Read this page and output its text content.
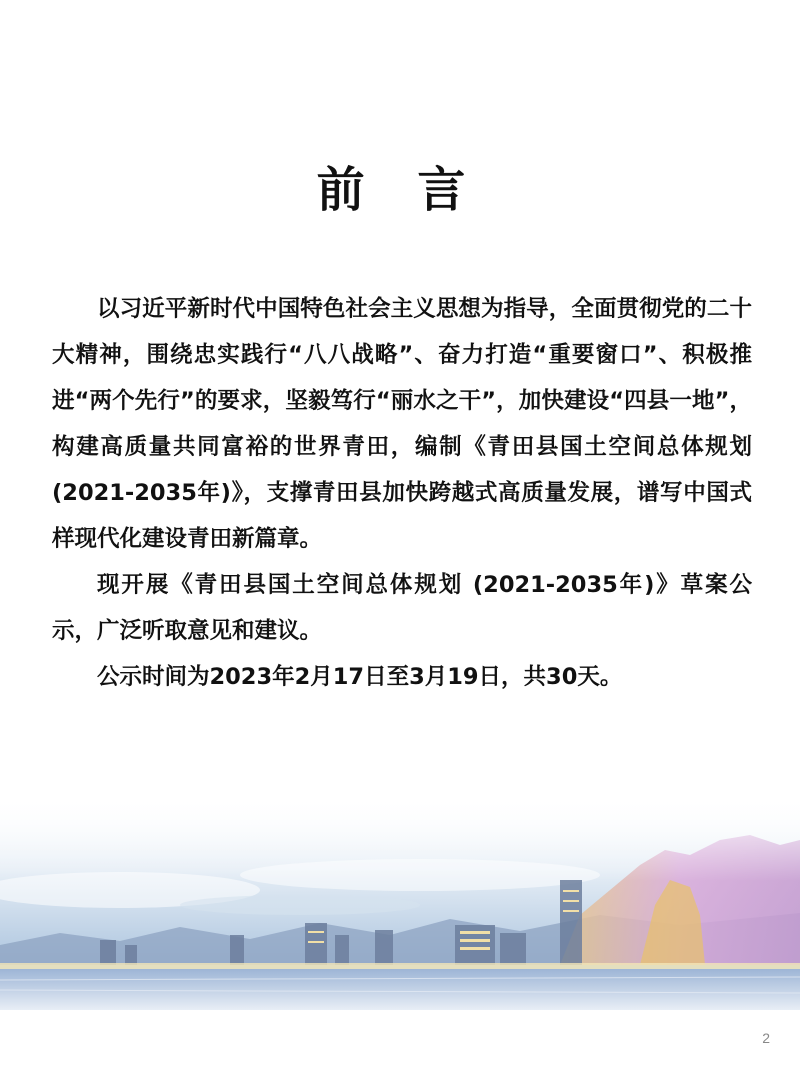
前 言

以习近平新时代中国特色社会主义思想为指导，全面贯彻党的二十大精神，围绕忠实践行“八八战略”、奋力打造“重要窗口”、积极推进“两个先行”的要求，坚毅笃行“丽水之干”，加快建设“四县一地”，构建高质量共同富裕的世界青田，编制《青田县国土空间总体规划 (2021-2035年)》，支撑青田县加快跨越式高质量发展，谱写中国式样现代化建设青田新篇章。

现开展《青田县国土空间总体规划 (2021-2035年)》草案公示，广泛听取意见和建议。

公示时间为2023年2月17日至3月19日，共30天。

2
